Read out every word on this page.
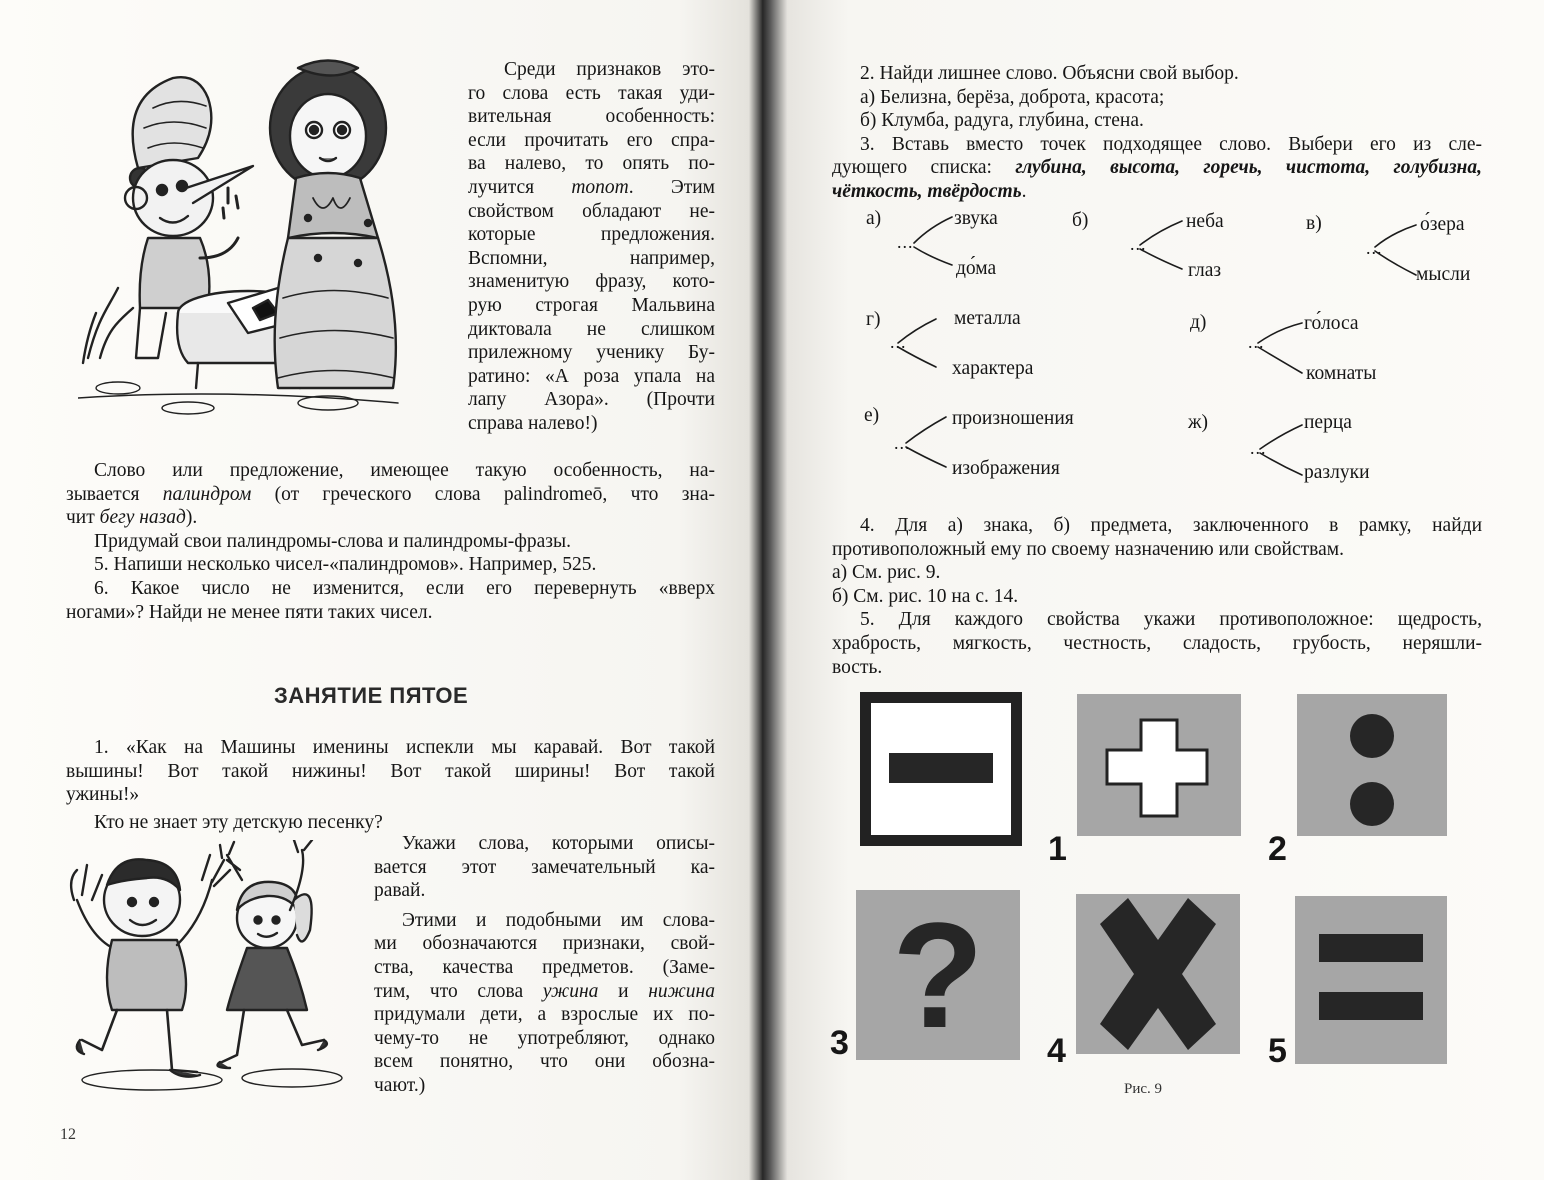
Среди признаков это-
го слова есть такая уди-
вительная особенность:
если прочитать его спра-
ва налево, то опять по-
лучится топот. Этим
свойством обладают не-
которые предложения.
Вспомни, например,
знаменитую фразу, кото-
рую строгая Мальвина
диктовала не слишком
прилежному ученику Бу-
ратино: «А роза упала на
лапу Азора». (Прочти
справа налево!)
Слово или предложение, имеющее такую особенность, на-
зывается палиндром (от греческого слова palindromeō, что зна-
чит бегу назад).
Придумай свои палиндромы-слова и палиндромы-фразы.
5. Напиши несколько чисел-«палиндромов». Например, 525.
6. Какое число не изменится, если его перевернуть «вверх
ногами»? Найди не менее пяти таких чисел.
ЗАНЯТИЕ ПЯТОЕ
1. «Как на Машины именины испекли мы каравай. Вот такой
вышины! Вот такой нижины! Вот такой ширины! Вот такой
ужины!»
Кто не знает эту детскую песенку?
Укажи слова, которыми описы-
вается этот замечательный ка-
равай.
Этими и подобными им слова-
ми обозначаются признаки, свой-
ства, качества предметов. (Заме-
тим, что слова ужина и нижина
придумали дети, а взрослые их по-
чему-то не употребляют, однако
всем понятно, что они обозна-
чают.)
12
2. Найди лишнее слово. Объясни свой выбор.
а) Белизна, берёза, доброта, красота;
б) Клумба, радуга, глубина, стена.
3. Вставь вместо точек подходящее слово. Выбери его из сле-
дующего списка: глубина, высота, горечь, чистота, голубизна,
чёткость, твёрдость.
а)
...
звука
до́ма
б)
...
неба
глаз
в)
...
о́зера
мысли
г)
...
металла
характера
д)
...
го́лоса
комнаты
е)
...
произношения
изображения
ж)
...
перца
разлуки
4. Для а) знака, б) предмета, заключенного в рамку, найди
противоположный ему по своему назначению или свойствам.
а) См. рис. 9.
б) См. рис. 10 на с. 14.
5. Для каждого свойства укажи противоположное: щедрость,
храбрость, мягкость, честность, сладость, грубость, неряшли-
вость.
1	2
?
3	4	5
Рис. 9
